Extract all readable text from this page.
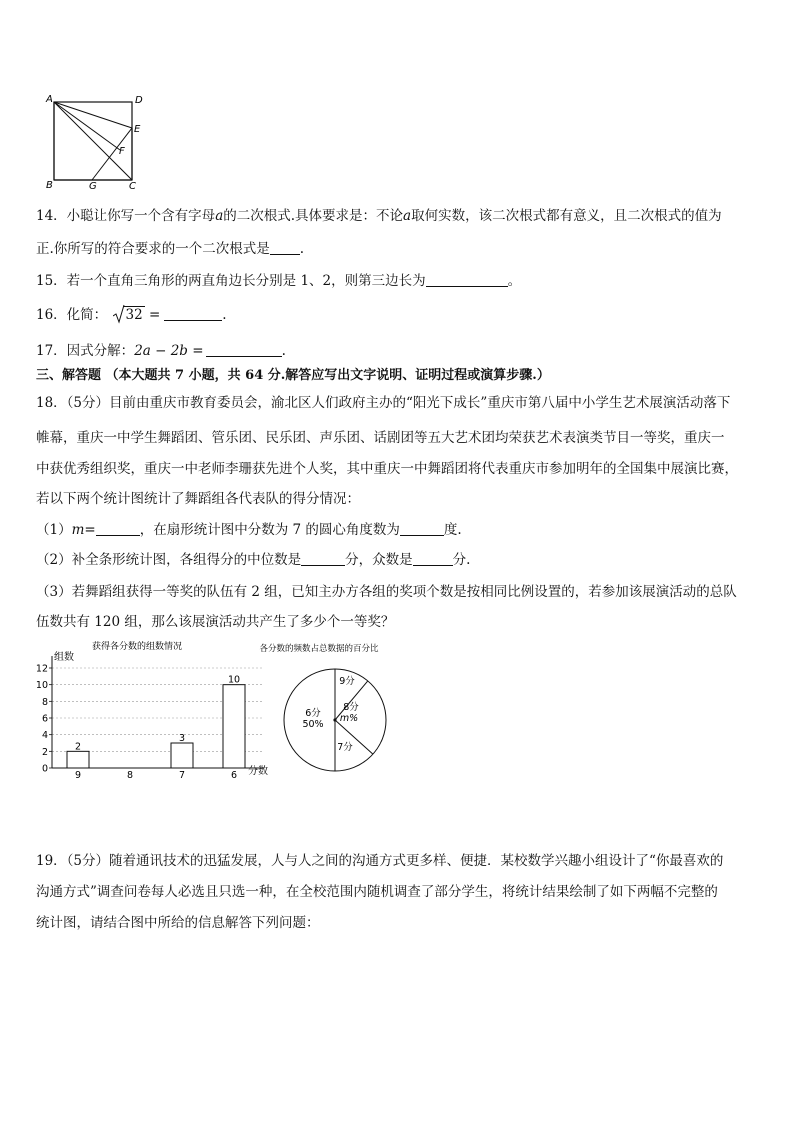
A	D
E
F
B	G	C
14．小聪让你写一个含有字母a的二次根式.具体要求是：不论a取何实数，该二次根式都有意义，且二次根式的值为
正.你所写的符合要求的一个二次根式是 .
15．若一个直角三角形的两直角边长分别是 1、2，则第三边长为	。
16．化简： 32 =	.
17．因式分解：2a − 2b =	.
三、解答题 （本大题共 7 小题，共 64 分.解答应写出文字说明、证明过程或演算步骤.）
18．（5分）目前由重庆市教育委员会，渝北区人们政府主办的“阳光下成长”重庆市第八届中小学生艺术展演活动落下
帷幕，重庆一中学生舞蹈团、管乐团、民乐团、声乐团、话剧团等五大艺术团均荣获艺术表演类节目一等奖，重庆一
中获优秀组织奖，重庆一中老师李珊获先进个人奖，其中重庆一中舞蹈团将代表重庆市参加明年的全国集中展演比赛，
若以下两个统计图统计了舞蹈组各代表队的得分情况：
（1）m=	，在扇形统计图中分数为 7 的圆心角度数为	度.
（2）补全条形统计图，各组得分的中位数是	分，众数是	分.
（3）若舞蹈组获得一等奖的队伍有 2 组，已知主办方各组的奖项个数是按相同比例设置的，若参加该展演活动的总队
伍数共有 120 组，那么该展演活动共产生了多少个一等奖？
获得各分数的组数情况
组数
分数
0
2
4
6
8
10
12
9
2
8	7
3
6
10
各分数的频数占总数据的百分比
9分
8分
m%
7分
6分
50%
19．（5分）随着通讯技术的迅猛发展，人与人之间的沟通方式更多样、便捷．某校数学兴趣小组设计了“你最喜欢的
沟通方式”调查问卷每人必选且只选一种，在全校范围内随机调查了部分学生，将统计结果绘制了如下两幅不完整的
统计图，请结合图中所给的信息解答下列问题：
